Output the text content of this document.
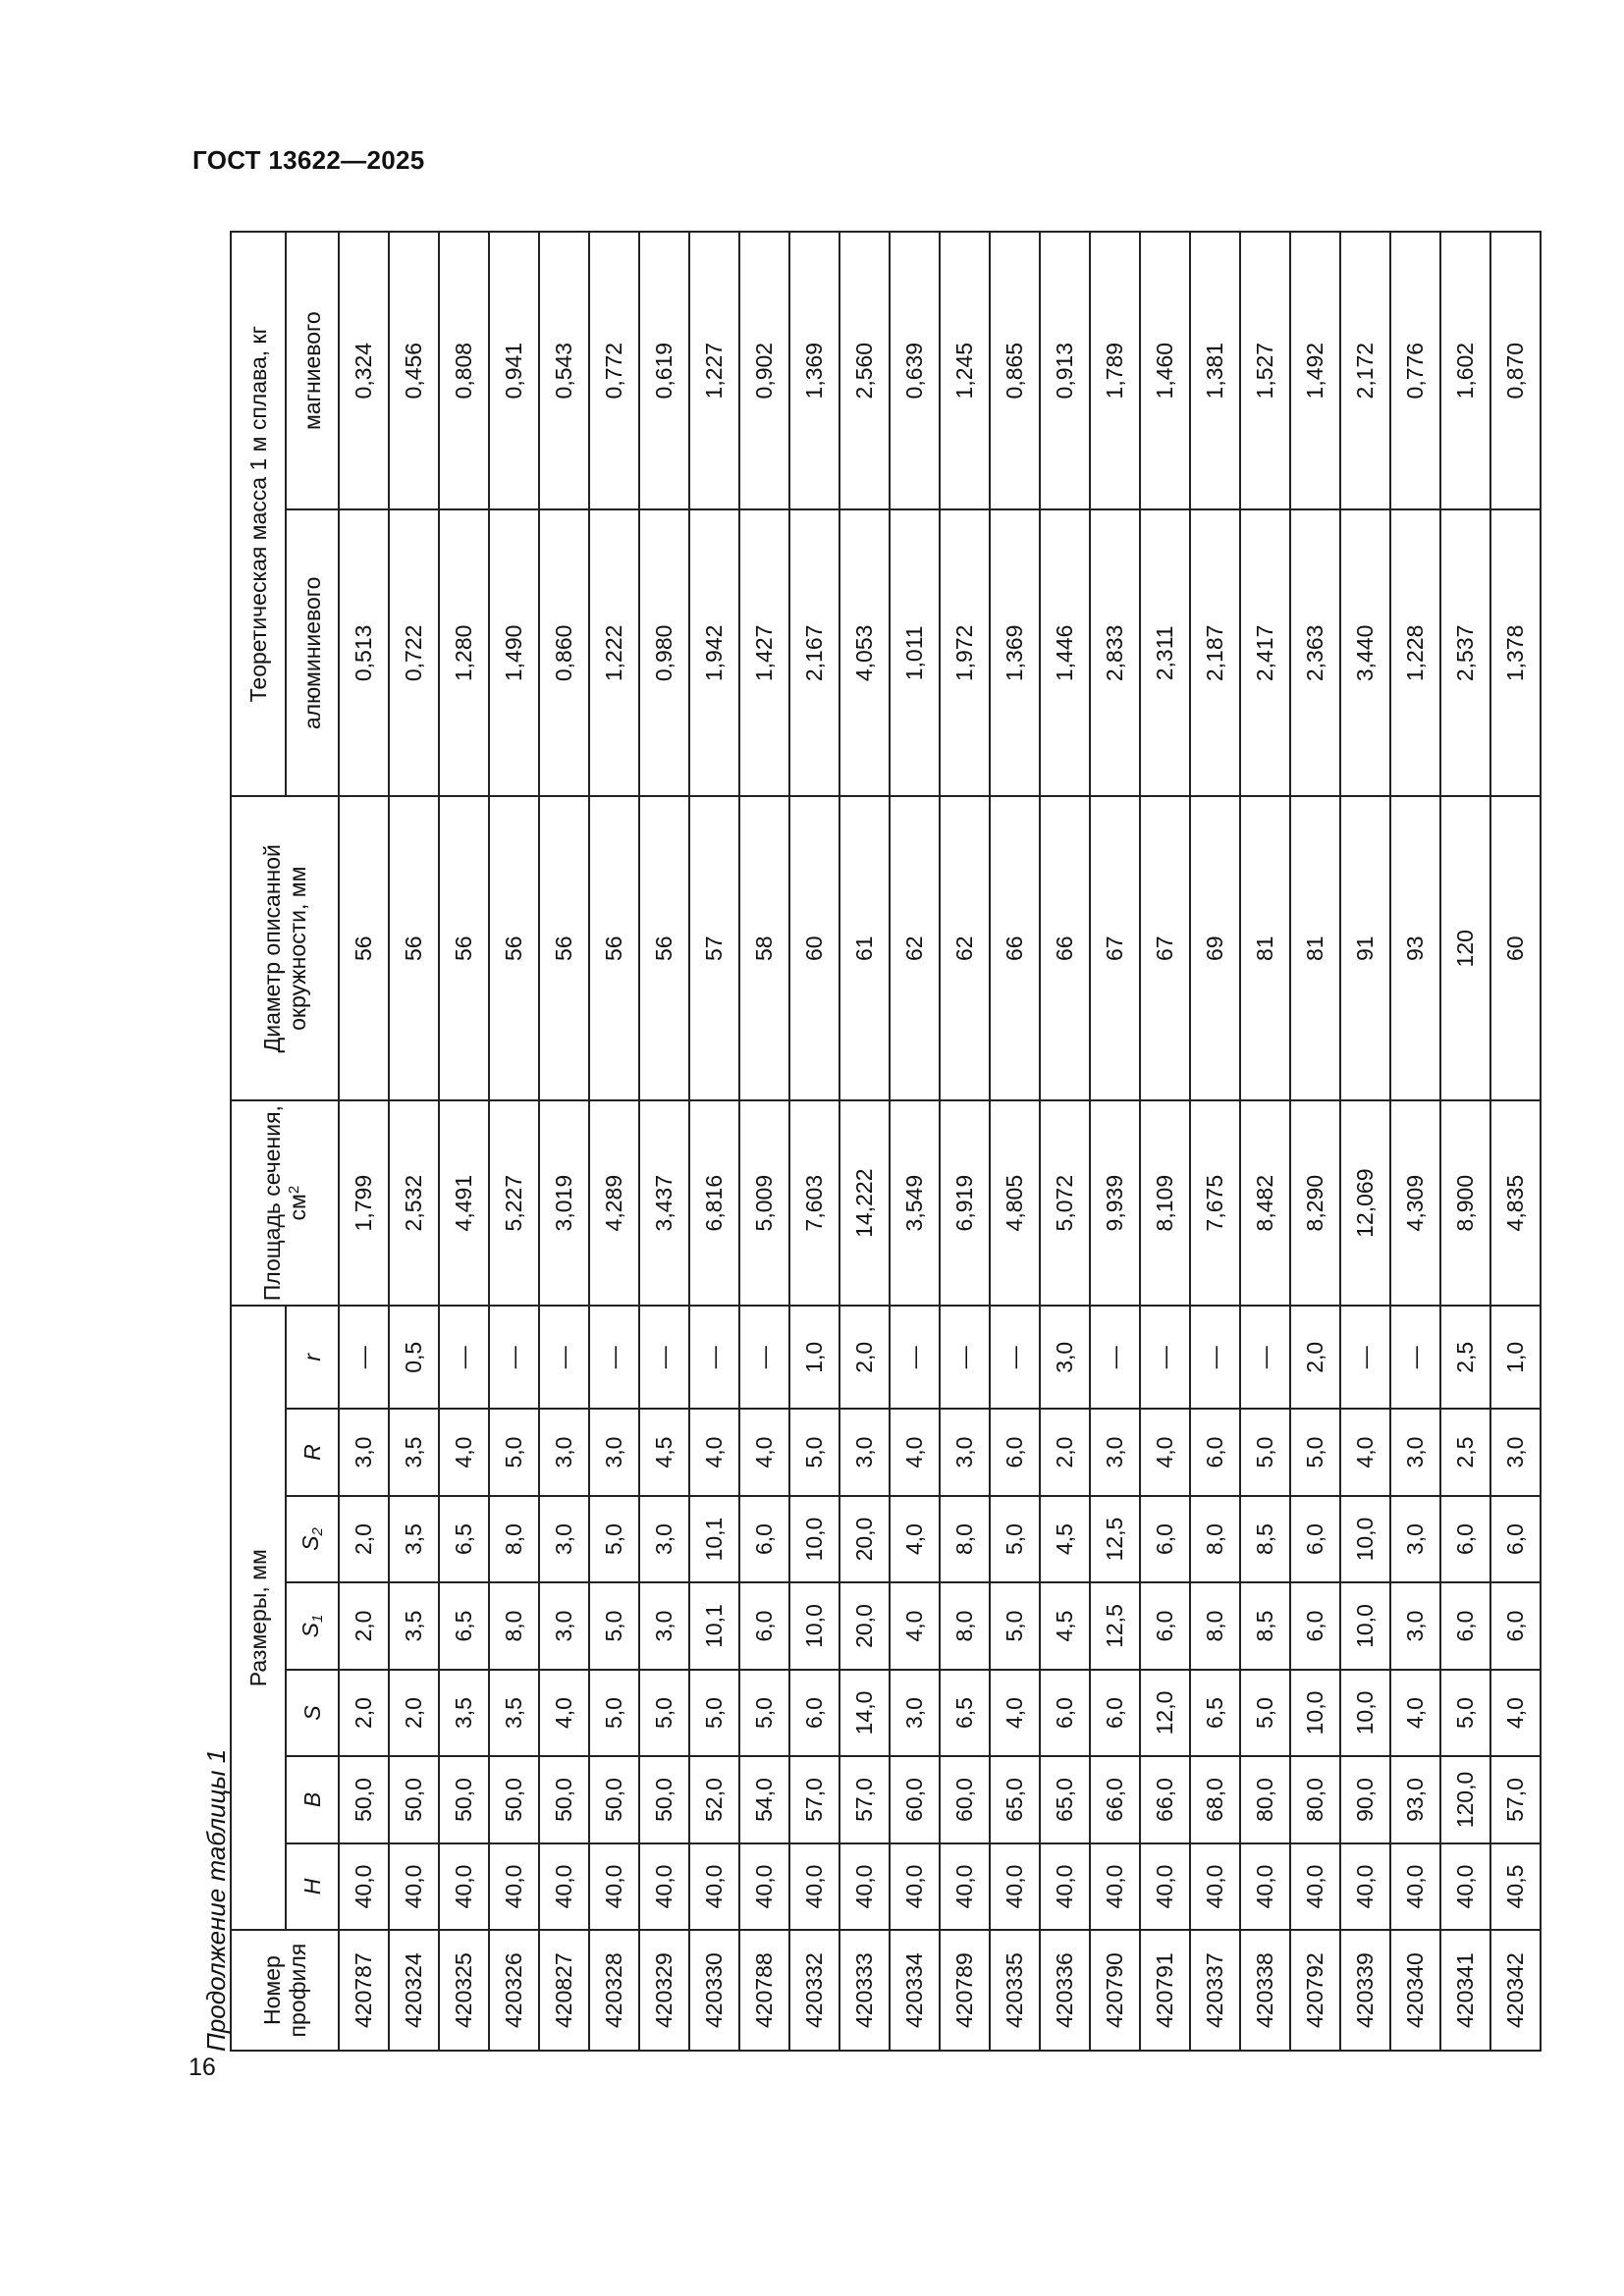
ГОСТ 13622—2025
Продолжение таблицы 1
16
Номер профиля	Размеры, мм							Площадь сечения, $см^2$	Диаметр описанной окружности, мм	Теоретическая масса 1 м сплава, кг	
	H	B	S	$S_1$	$S_2$	R	r			алюминиевого	магниевого
420787	40,0	50,0	2,0	2,0	2,0	3,0	—	1,799	56	0,513	0,324
420324	40,0	50,0	2,0	3,5	3,5	3,5	0,5	2,532	56	0,722	0,456
420325	40,0	50,0	3,5	6,5	6,5	4,0	—	4,491	56	1,280	0,808
420326	40,0	50,0	3,5	8,0	8,0	5,0	—	5,227	56	1,490	0,941
420827	40,0	50,0	4,0	3,0	3,0	3,0	—	3,019	56	0,860	0,543
420328	40,0	50,0	5,0	5,0	5,0	3,0	—	4,289	56	1,222	0,772
420329	40,0	50,0	5,0	3,0	3,0	4,5	—	3,437	56	0,980	0,619
420330	40,0	52,0	5,0	10,1	10,1	4,0	—	6,816	57	1,942	1,227
420788	40,0	54,0	5,0	6,0	6,0	4,0	—	5,009	58	1,427	0,902
420332	40,0	57,0	6,0	10,0	10,0	5,0	1,0	7,603	60	2,167	1,369
420333	40,0	57,0	14,0	20,0	20,0	3,0	2,0	14,222	61	4,053	2,560
420334	40,0	60,0	3,0	4,0	4,0	4,0	—	3,549	62	1,011	0,639
420789	40,0	60,0	6,5	8,0	8,0	3,0	—	6,919	62	1,972	1,245
420335	40,0	65,0	4,0	5,0	5,0	6,0	—	4,805	66	1,369	0,865
420336	40,0	65,0	6,0	4,5	4,5	2,0	3,0	5,072	66	1,446	0,913
420790	40,0	66,0	6,0	12,5	12,5	3,0	—	9,939	67	2,833	1,789
420791	40,0	66,0	12,0	6,0	6,0	4,0	—	8,109	67	2,311	1,460
420337	40,0	68,0	6,5	8,0	8,0	6,0	—	7,675	69	2,187	1,381
420338	40,0	80,0	5,0	8,5	8,5	5,0	—	8,482	81	2,417	1,527
420792	40,0	80,0	10,0	6,0	6,0	5,0	2,0	8,290	81	2,363	1,492
420339	40,0	90,0	10,0	10,0	10,0	4,0	—	12,069	91	3,440	2,172
420340	40,0	93,0	4,0	3,0	3,0	3,0	—	4,309	93	1,228	0,776
420341	40,0	120,0	5,0	6,0	6,0	2,5	2,5	8,900	120	2,537	1,602
420342	40,5	57,0	4,0	6,0	6,0	3,0	1,0	4,835	60	1,378	0,870
